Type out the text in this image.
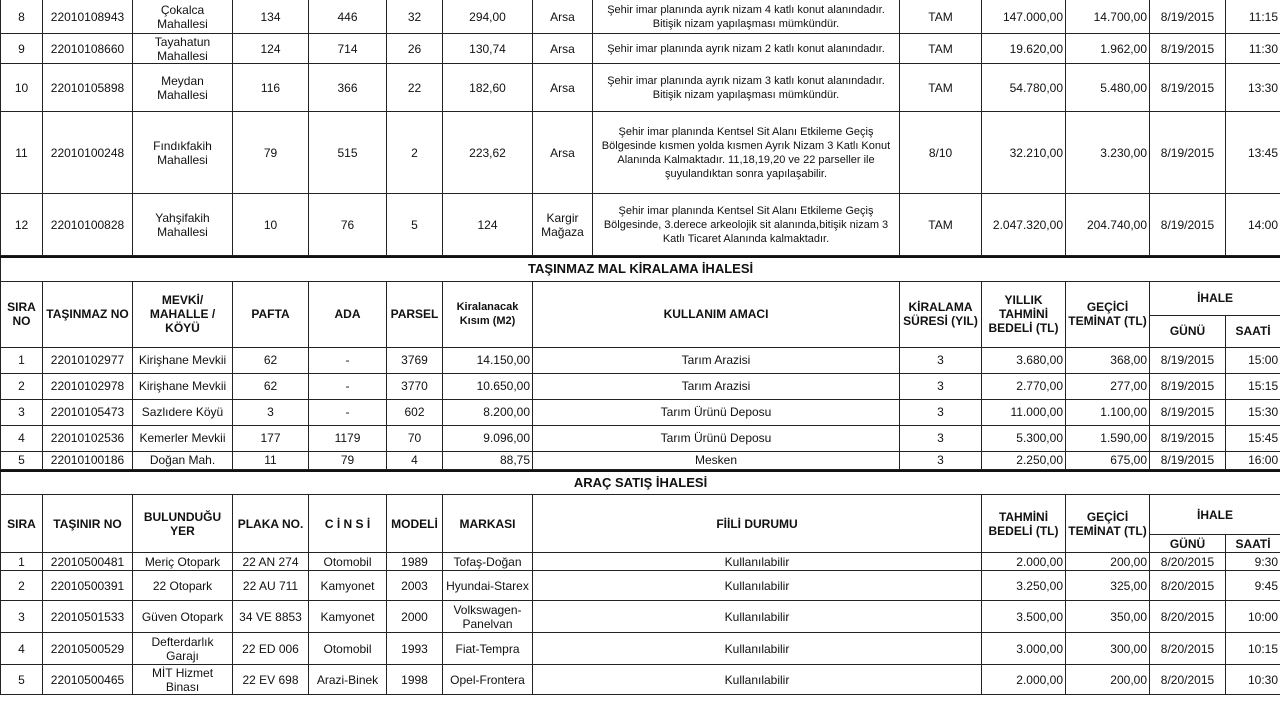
8	22010108943	Çokalca Mahallesi	134	446	32	294,00	Arsa	Şehir imar planında ayrık nizam 4 katlı konut alanındadır. Bitişik nizam yapılaşması mümkündür.	TAM	147.000,00	14.700,00	8/19/2015	11:15
9	22010108660	Tayahatun Mahallesi	124	714	26	130,74	Arsa	Şehir imar planında ayrık nizam 2 katlı konut alanındadır.	TAM	19.620,00	1.962,00	8/19/2015	11:30
10	22010105898	Meydan Mahallesi	116	366	22	182,60	Arsa	Şehir imar planında ayrık nizam 3 katlı konut alanındadır. Bitişik nizam yapılaşması mümkündür.	TAM	54.780,00	5.480,00	8/19/2015	13:30
11	22010100248	Fındıkfakih Mahallesi	79	515	2	223,62	Arsa	Şehir imar planında Kentsel Sit Alanı Etkileme Geçiş Bölgesinde kısmen yolda kısmen Ayrık Nizam 3 Katlı Konut Alanında Kalmaktadır. 11,18,19,20 ve 22 parseller ile şuyulandıktan sonra yapılaşabilir.	8/10	32.210,00	3.230,00	8/19/2015	13:45
12	22010100828	Yahşifakih Mahallesi	10	76	5	124	Kargir Mağaza	Şehir imar planında Kentsel Sit Alanı Etkileme Geçiş Bölgesinde, 3.derece arkeolojik sit alanında,bitişik nizam 3 Katlı Ticaret Alanında kalmaktadır.	TAM	2.047.320,00	204.740,00	8/19/2015	14:00
TAŞINMAZ MAL KİRALAMA İHALESİ												
SIRA NO	TAŞINMAZ NO	MEVKİ/ MAHALLE / KÖYÜ	PAFTA	ADA	PARSEL	Kiralanacak Kısım (M2)	KULLANIM AMACI	KİRALAMA SÜRESİ (YIL)	YILLIK TAHMİNİ BEDELİ (TL)	GEÇİCİ TEMİNAT (TL)	İHALE	
											GÜNÜ	SAATİ
1	22010102977	Kirişhane Mevkii	62	-	3769	14.150,00	Tarım Arazisi	3	3.680,00	368,00	8/19/2015	15:00
2	22010102978	Kirişhane Mevkii	62	-	3770	10.650,00	Tarım Arazisi	3	2.770,00	277,00	8/19/2015	15:15
3	22010105473	Sazlıdere Köyü	3	-	602	8.200,00	Tarım Ürünü Deposu	3	11.000,00	1.100,00	8/19/2015	15:30
4	22010102536	Kemerler Mevkii	177	1179	70	9.096,00	Tarım Ürünü Deposu	3	5.300,00	1.590,00	8/19/2015	15:45
5	22010100186	Doğan Mah.	11	79	4	88,75	Mesken	3	2.250,00	675,00	8/19/2015	16:00
ARAÇ SATIŞ İHALESİ											
SIRA	TAŞINIR NO	BULUNDUĞU YER	PLAKA NO.	C İ N S İ	MODELİ	MARKASI	FİİLİ DURUMU	TAHMİNİ BEDELİ (TL)	GEÇİCİ TEMİNAT (TL)	İHALE	
										GÜNÜ	SAATİ
1	22010500481	Meriç Otopark	22 AN 274	Otomobil	1989	Tofaş-Doğan	Kullanılabilir	2.000,00	200,00	8/20/2015	9:30
2	22010500391	22 Otopark	22 AU 711	Kamyonet	2003	Hyundai-Starex	Kullanılabilir	3.250,00	325,00	8/20/2015	9:45
3	22010501533	Güven Otopark	34 VE 8853	Kamyonet	2000	Volkswagen-Panelvan	Kullanılabilir	3.500,00	350,00	8/20/2015	10:00
4	22010500529	Defterdarlık Garajı	22 ED 006	Otomobil	1993	Fiat-Tempra	Kullanılabilir	3.000,00	300,00	8/20/2015	10:15
5	22010500465	MİT Hizmet Binası	22 EV 698	Arazi-Binek	1998	Opel-Frontera	Kullanılabilir	2.000,00	200,00	8/20/2015	10:30
